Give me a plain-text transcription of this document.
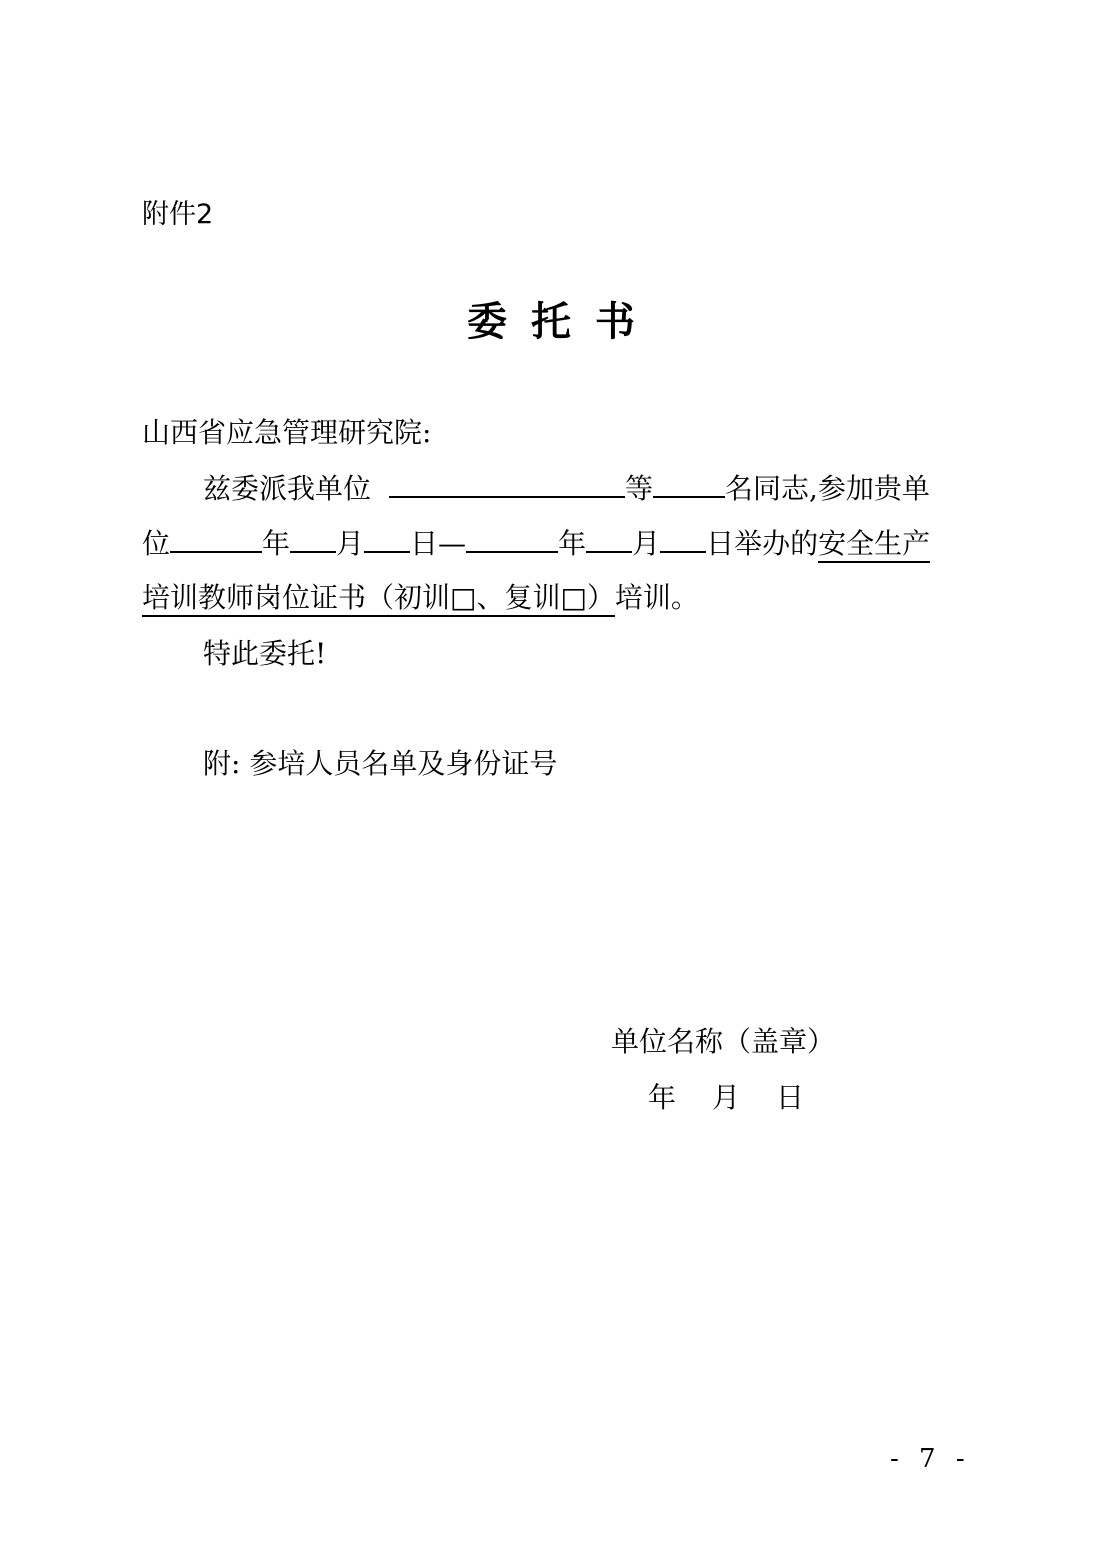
附件2
委托书
山西省应急管理研究院:
兹委派我单位	等	名同志,参加贵单
位	年 月 日—	年 月 日举办的安全生产
培训教师岗位证书（初训□、复训□）培训。
特此委托!
附: 参培人员名单及身份证号
单位名称（盖章）
年　月　日
- 7 -
